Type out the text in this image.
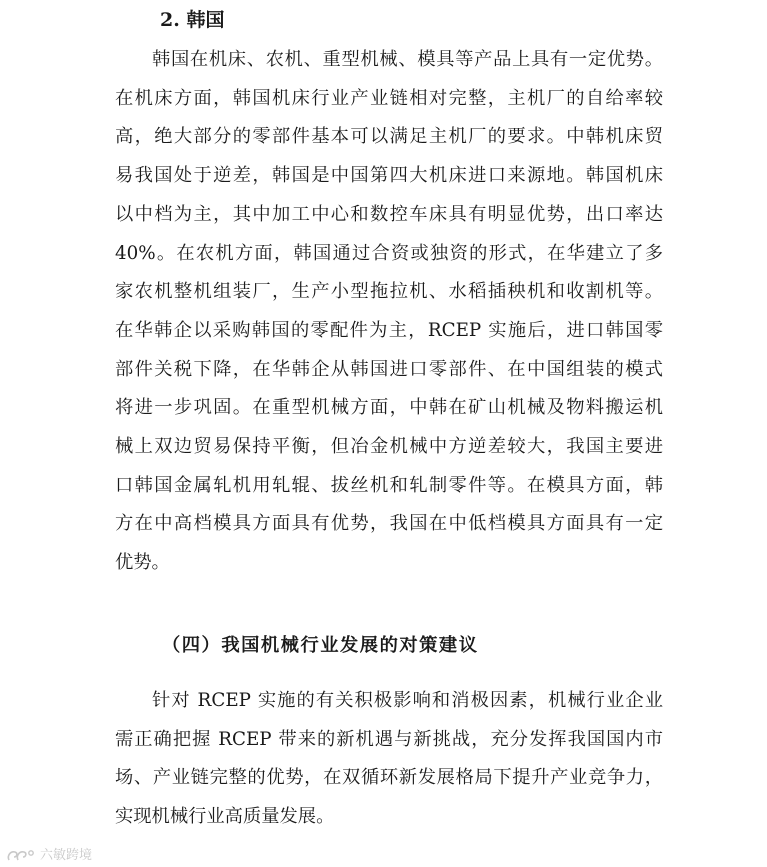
2. 韩国
韩国在机床、农机、重型机械、模具等产品上具有一定优势。
在机床方面，韩国机床行业产业链相对完整，主机厂的自给率较
高，绝大部分的零部件基本可以满足主机厂的要求。中韩机床贸
易我国处于逆差，韩国是中国第四大机床进口来源地。韩国机床
以中档为主，其中加工中心和数控车床具有明显优势，出口率达
40%。在农机方面，韩国通过合资或独资的形式，在华建立了多
家农机整机组装厂，生产小型拖拉机、水稻插秧机和收割机等。
在华韩企以采购韩国的零配件为主，RCEP 实施后，进口韩国零
部件关税下降，在华韩企从韩国进口零部件、在中国组装的模式
将进一步巩固。在重型机械方面，中韩在矿山机械及物料搬运机
械上双边贸易保持平衡，但冶金机械中方逆差较大，我国主要进
口韩国金属轧机用轧辊、拔丝机和轧制零件等。在模具方面，韩
方在中高档模具方面具有优势，我国在中低档模具方面具有一定
优势。
（四）我国机械行业发展的对策建议
针对 RCEP 实施的有关积极影响和消极因素，机械行业企业
需正确把握 RCEP 带来的新机遇与新挑战，充分发挥我国国内市
场、产业链完整的优势，在双循环新发展格局下提升产业竞争力，
实现机械行业高质量发展。
六敏跨境
